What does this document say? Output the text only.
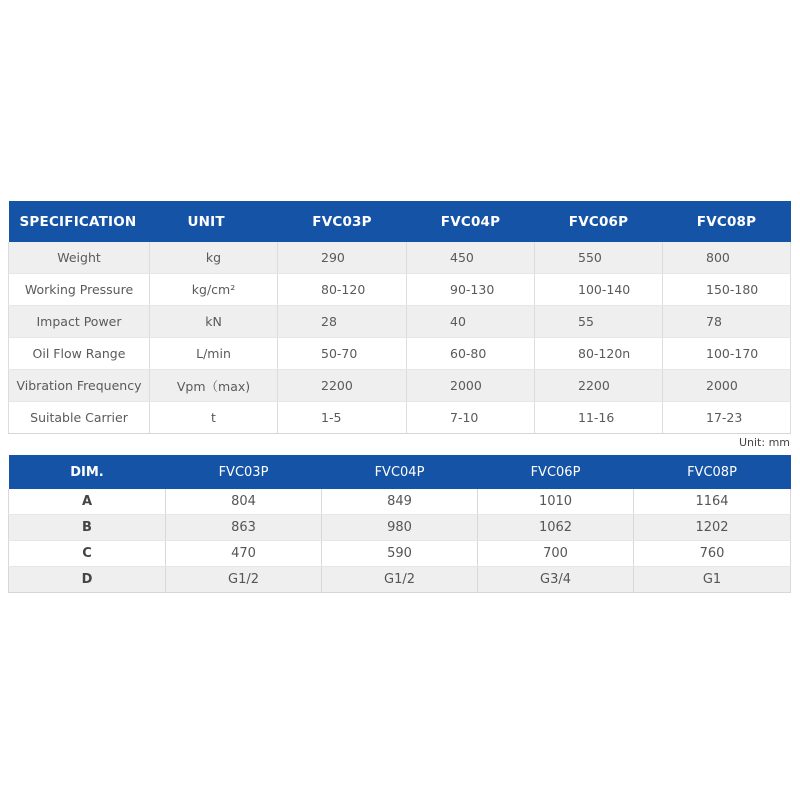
SPECIFICATION	UNIT	FVC03P	FVC04P	FVC06P	FVC08P
Weight	kg	290	450	550	800
Working Pressure	kg/cm²	80-120	90-130	100-140	150-180
Impact Power	kN	28	40	55	78
Oil Flow Range	L/min	50-70	60-80	80-120n	100-170
Vibration Frequency	Vpm（max)	2200	2000	2200	2000
Suitable Carrier	t	1-5	7-10	11-16	17-23
Unit: mm
DIM.	FVC03P	FVC04P	FVC06P	FVC08P
A	804	849	1010	1164
B	863	980	1062	1202
C	470	590	700	760
D	G1/2	G1/2	G3/4	G1
